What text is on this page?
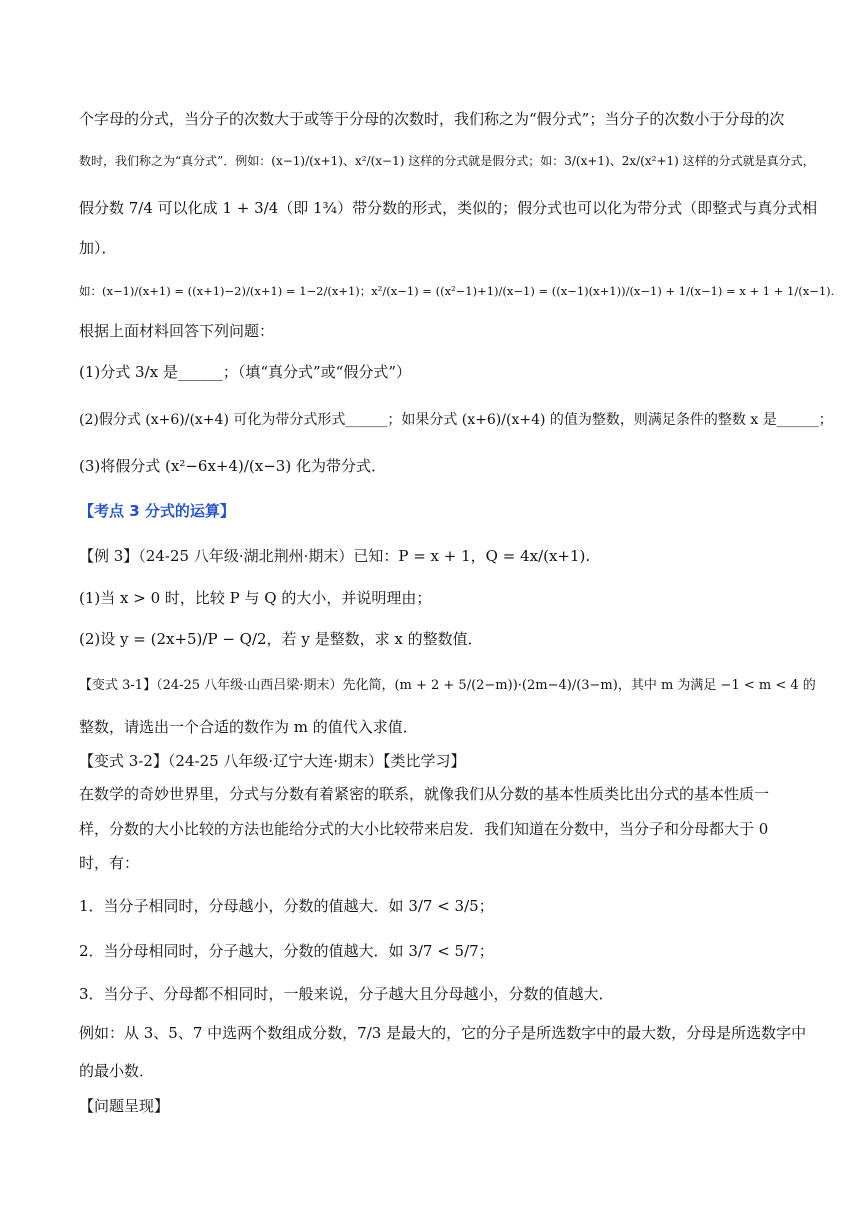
个字母的分式，当分子的次数大于或等于分母的次数时，我们称之为“假分式”；当分子的次数小于分母的次
数时，我们称之为“真分式”．例如：(x−1)/(x+1)、x²/(x−1) 这样的分式就是假分式；如：3/(x+1)、2x/(x²+1) 这样的分式就是真分式，
假分数 7/4 可以化成 1 + 3/4（即 1¾）带分数的形式，类似的；假分式也可以化为带分式（即整式与真分式相
加）．
如：(x−1)/(x+1) = ((x+1)−2)/(x+1) = 1−2/(x+1)；x²/(x−1) = ((x²−1)+1)/(x−1) = ((x−1)(x+1))/(x−1) + 1/(x−1) = x + 1 + 1/(x−1).
根据上面材料回答下列问题：
(1)分式 3/x 是______；（填“真分式”或“假分式”）
(2)假分式 (x+6)/(x+4) 可化为带分式形式______；如果分式 (x+6)/(x+4) 的值为整数，则满足条件的整数 x 是______；
(3)将假分式 (x²−6x+4)/(x−3) 化为带分式．
【考点 3 分式的运算】
【例 3】（24-25 八年级·湖北荆州·期末）已知：P = x + 1，Q = 4x/(x+1).
(1)当 x > 0 时，比较 P 与 Q 的大小，并说明理由；
(2)设 y = (2x+5)/P − Q/2，若 y 是整数，求 x 的整数值．
【变式 3-1】（24-25 八年级·山西吕梁·期末）先化简，(m + 2 + 5/(2−m))·(2m−4)/(3−m)，其中 m 为满足 −1 < m < 4 的
整数，请选出一个合适的数作为 m 的值代入求值．
【变式 3-2】（24-25 八年级·辽宁大连·期末）【类比学习】
在数学的奇妙世界里，分式与分数有着紧密的联系，就像我们从分数的基本性质类比出分式的基本性质一
样，分数的大小比较的方法也能给分式的大小比较带来启发．我们知道在分数中，当分子和分母都大于 0
时，有：
1．当分子相同时，分母越小，分数的值越大．如 3/7 < 3/5；
2．当分母相同时，分子越大，分数的值越大．如 3/7 < 5/7；
3．当分子、分母都不相同时，一般来说，分子越大且分母越小，分数的值越大．
例如：从 3、5、7 中选两个数组成分数，7/3 是最大的，它的分子是所选数字中的最大数，分母是所选数字中
的最小数．
【问题呈现】
